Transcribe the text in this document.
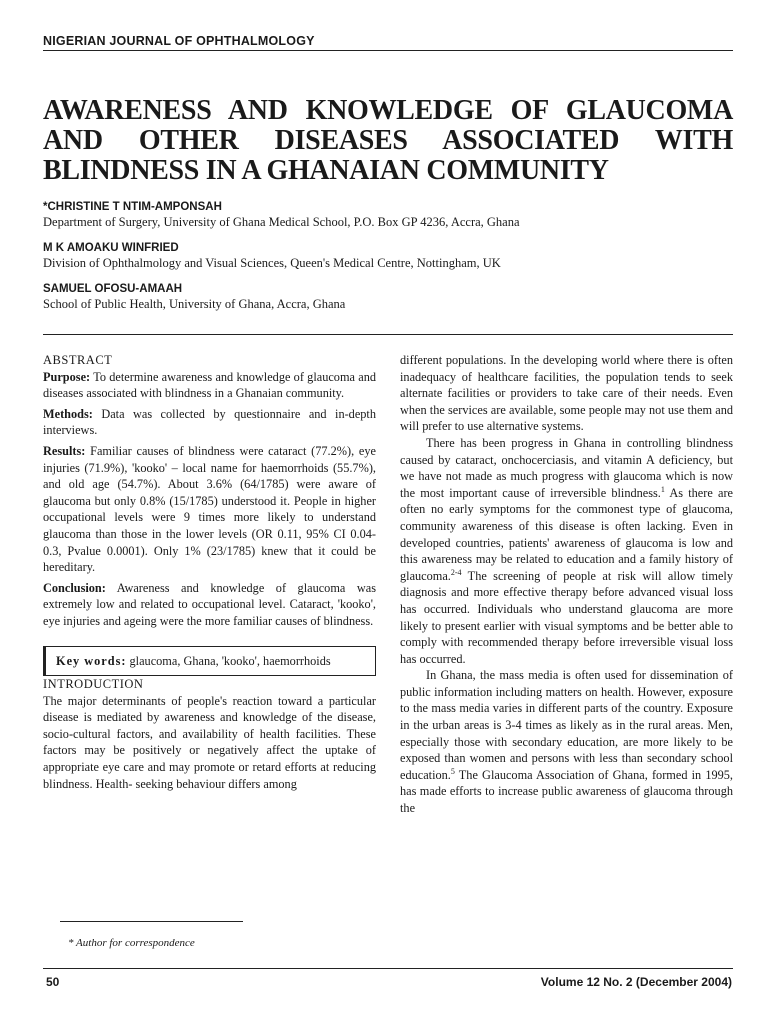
NIGERIAN JOURNAL OF OPHTHALMOLOGY
AWARENESS AND KNOWLEDGE OF GLAUCOMA AND OTHER DISEASES ASSOCIATED WITH BLINDNESS IN A GHANAIAN COMMUNITY
*CHRISTINE T NTIM-AMPONSAH
Department of Surgery, University of Ghana Medical School, P.O. Box GP 4236, Accra, Ghana
M K AMOAKU WINFRIED
Division of Ophthalmology and Visual Sciences, Queen's Medical Centre, Nottingham, UK
SAMUEL OFOSU-AMAAH
School of Public Health, University of Ghana, Accra, Ghana

ABSTRACT

Purpose: To determine awareness and knowledge of glaucoma and diseases associated with blindness in a Ghanaian community.

Methods: Data was collected by questionnaire and in-depth interviews.

Results: Familiar causes of blindness were cataract (77.2%), eye injuries (71.9%), 'kooko' – local name for haemorrhoids (55.7%), and old age (54.7%). About 3.6% (64/1785) were aware of glaucoma but only 0.8% (15/1785) understood it. People in higher occupational levels were 9 times more likely to understand glaucoma than those in the lower levels (OR 0.11, 95% CI 0.04-0.3, Pvalue 0.0001). Only 1% (23/1785) knew that it could be hereditary.

Conclusion: Awareness and knowledge of glaucoma was extremely low and related to occupational level. Cataract, 'kooko', eye injuries and ageing were the more familiar causes of blindness.

Key words: glaucoma, Ghana, 'kooko', haemorrhoids

INTRODUCTION

The major determinants of people's reaction toward a particular disease is mediated by awareness and knowledge of the disease, socio-cultural factors, and availability of health facilities. These factors may be positively or negatively affect the uptake of appropriate eye care and may promote or retard efforts at reducing blindness. Health- seeking behaviour differs among

different populations. In the developing world where there is often inadequacy of healthcare facilities, the population tends to seek alternate facilities or providers to take care of their needs. Even when the services are available, some people may not use them and will prefer to use alternative systems.

There has been progress in Ghana in controlling blindness caused by cataract, onchocerciasis, and vitamin A deficiency, but we have not made as much progress with glaucoma which is now the most important cause of irreversible blindness.$^1$ As there are often no early symptoms for the commonest type of glaucoma, community awareness of this disease is often lacking. Even in developed countries, patients' awareness of glaucoma is low and this awareness may be related to education and a family history of glaucoma.$^{2-4}$ The screening of people at risk will allow timely diagnosis and more effective therapy before advanced visual loss has occurred. Individuals who understand glaucoma are more likely to present earlier with visual symptoms and be better able to comply with recommended therapy before irreversible visual loss has occurred.

In Ghana, the mass media is often used for dissemination of public information including matters on health. However, exposure to the mass media varies in different parts of the country. Exposure in the urban areas is 3-4 times as likely as in the rural areas. Men, especially those with secondary education, are more likely to be exposed than women and persons with less than secondary school education.$^5$ The Glaucoma Association of Ghana, formed in 1995, has made efforts to increase public awareness of glaucoma through the

* Author for correspondence
50	Volume 12 No. 2 (December 2004)
